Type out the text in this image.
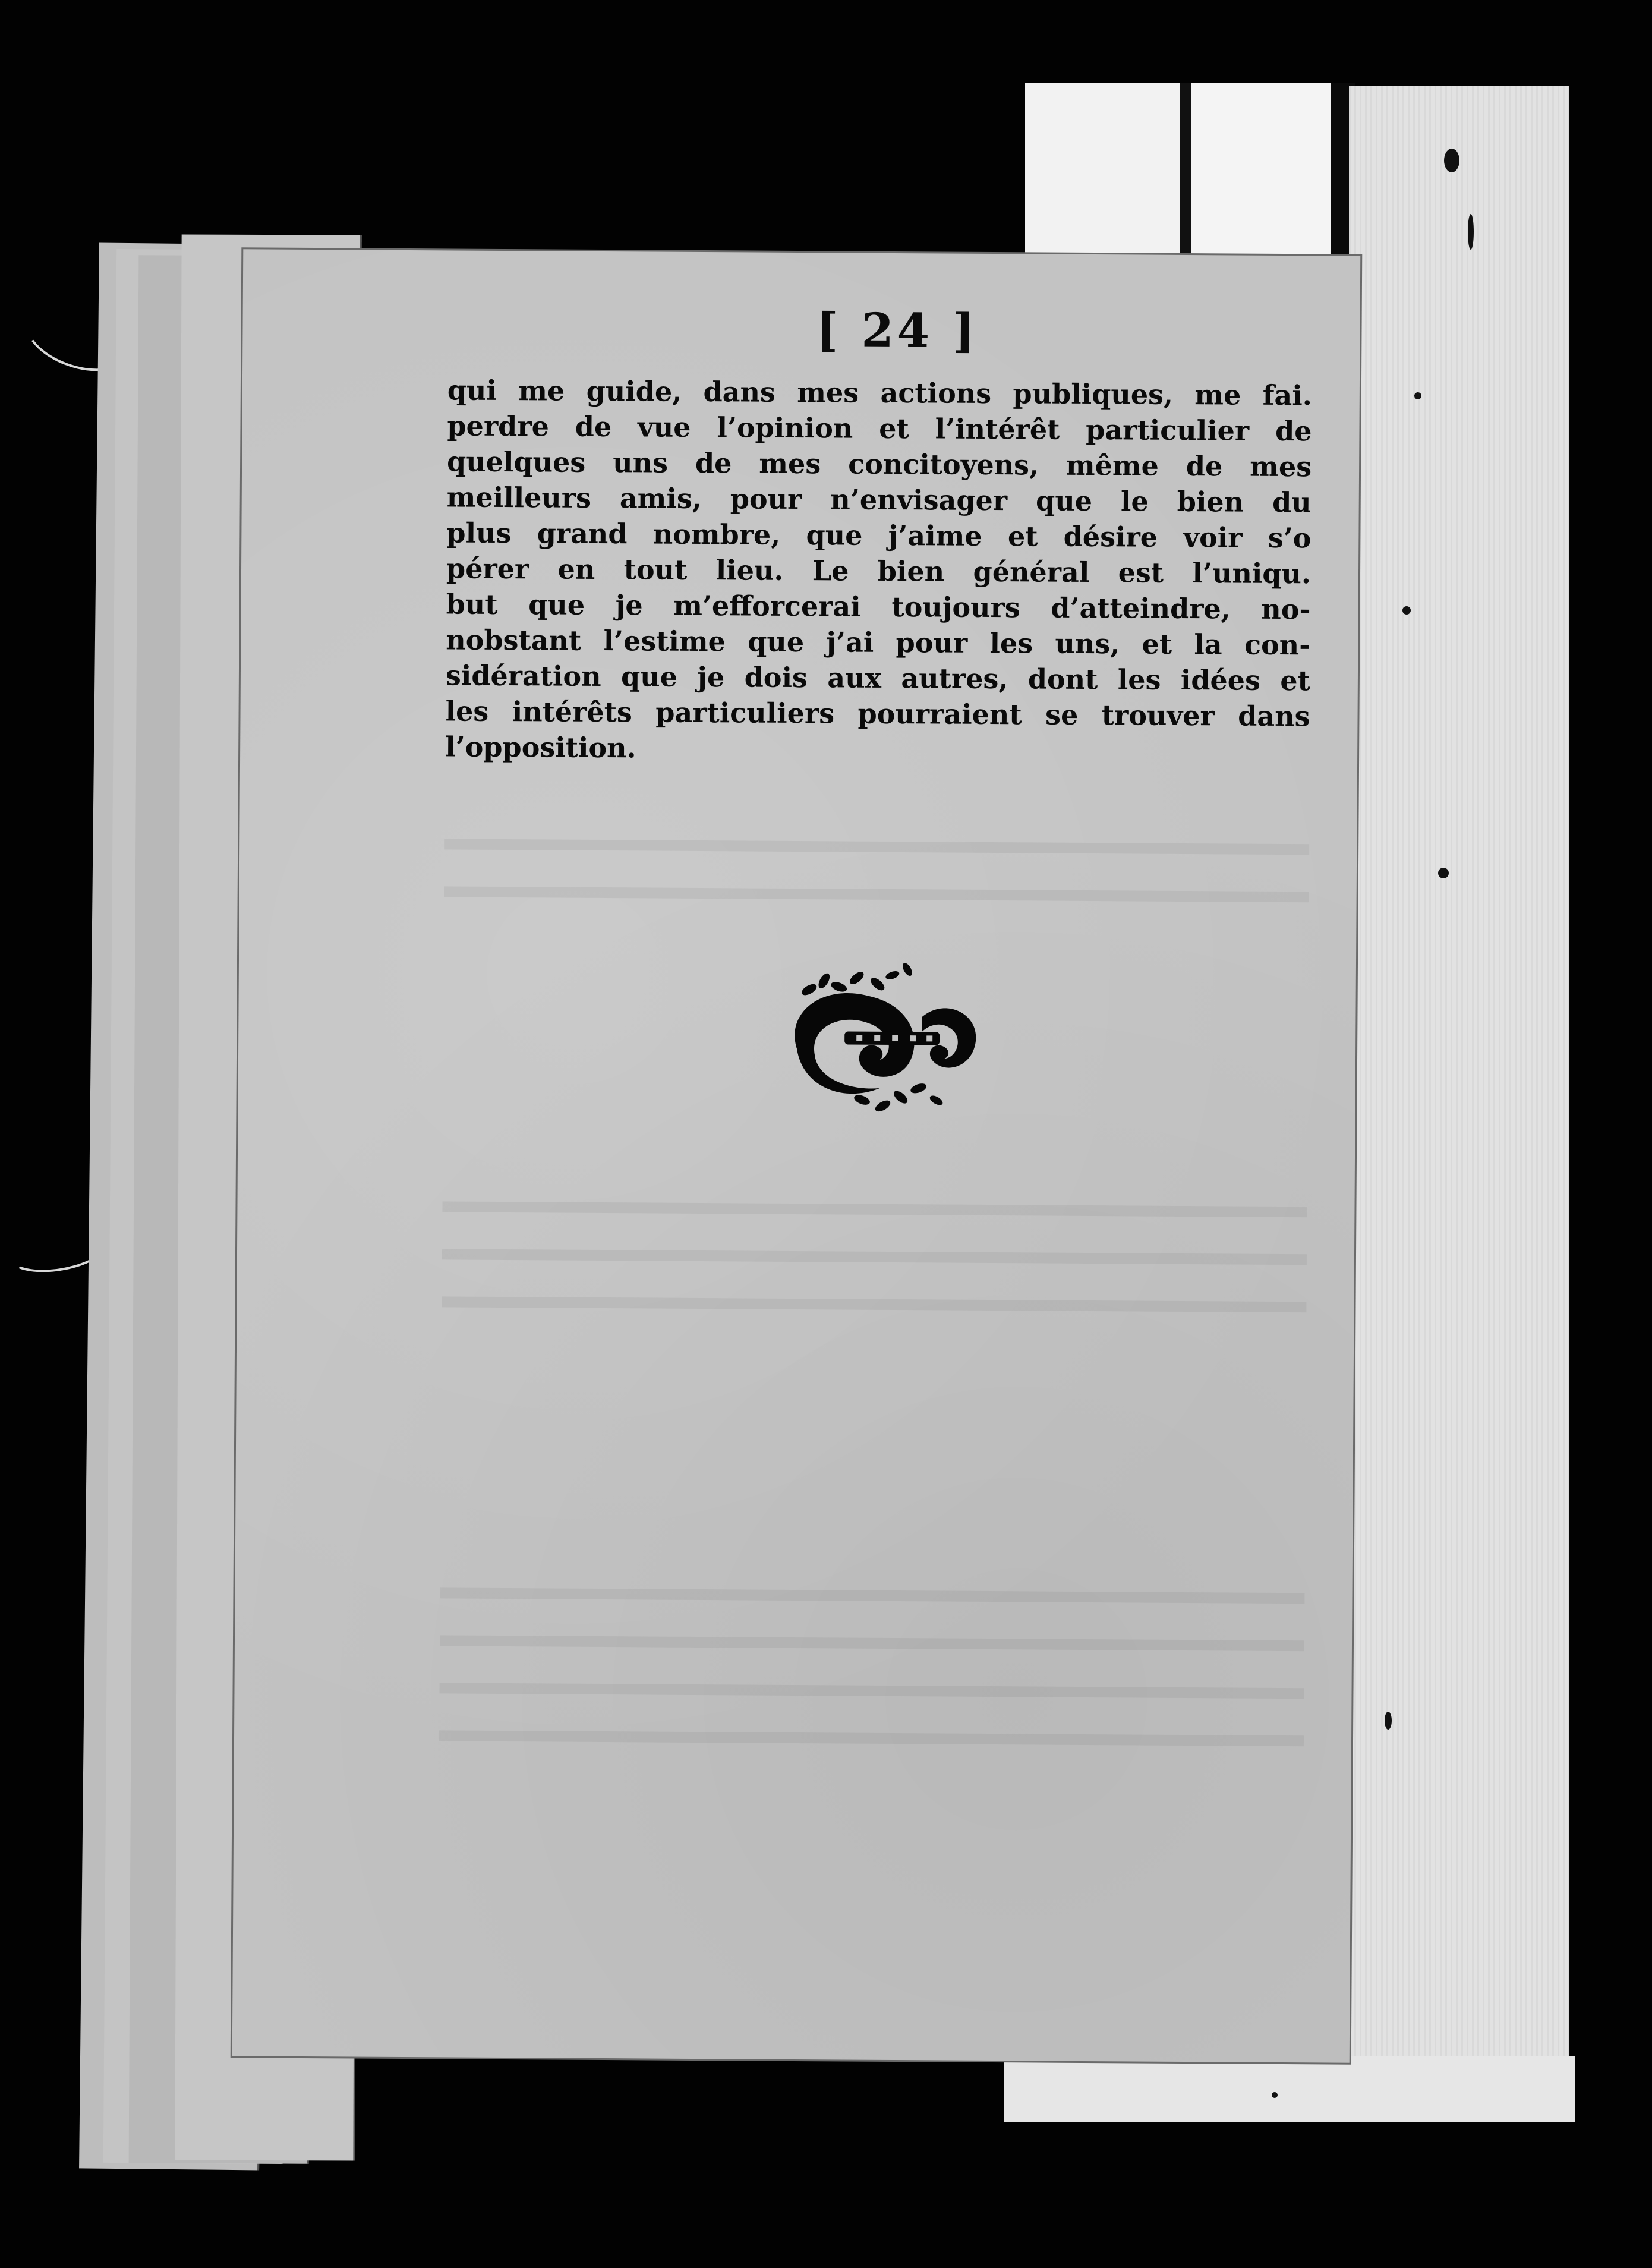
[ 24 ]
qui me guide, dans mes actions publiques, me fai.
perdre de vue l’opinion et l’intérêt particulier de
quelques uns de mes concitoyens, même de mes
meilleurs amis, pour n’envisager que le bien du
plus grand nombre, que j’aime et désire voir s’o
pérer en tout lieu. Le bien général est l’uniqu.
but que je m’efforcerai toujours d’atteindre, no-
nobstant l’estime que j’ai pour les uns, et la con-
sidération que je dois aux autres, dont les idées et
les intérêts particuliers pourraient se trouver dans
l’opposition.
